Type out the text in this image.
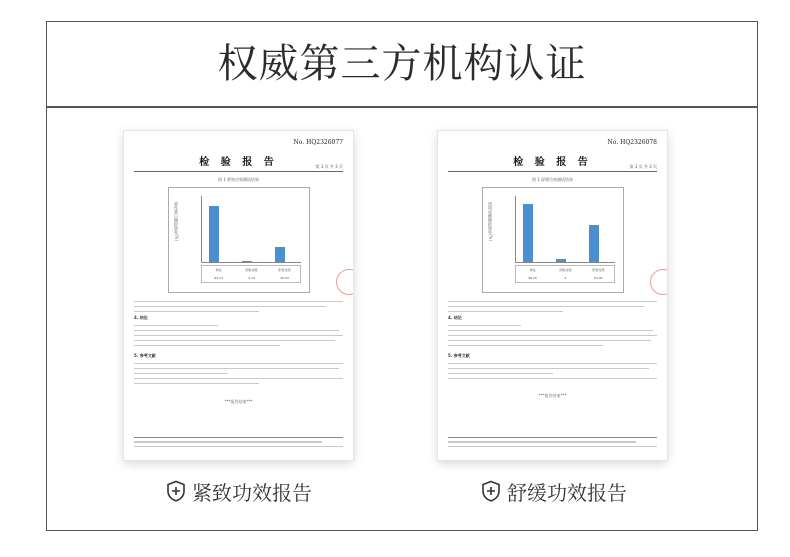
权威第三方机构认证
No. HQ2326077
检 验 报 告	第 3 页 共 3 页
图 1 紧致功效测试结果
弹性蛋白酶抑制率(%)
样品	阴性对照	阳性对照
94.13	2.14	25.34
4. 结论
5. 参考文献
***报告结束***
No. HQ2326078
检 验 报 告	第 3 页 共 3 页
图 1 舒缓功效测试结果
透明质酸酶抑制率(%)
样品	阴性对照	阳性对照
96.15	5	61.91
4. 结论
5. 参考文献
***报告结束***
紧致功效报告	舒缓功效报告
